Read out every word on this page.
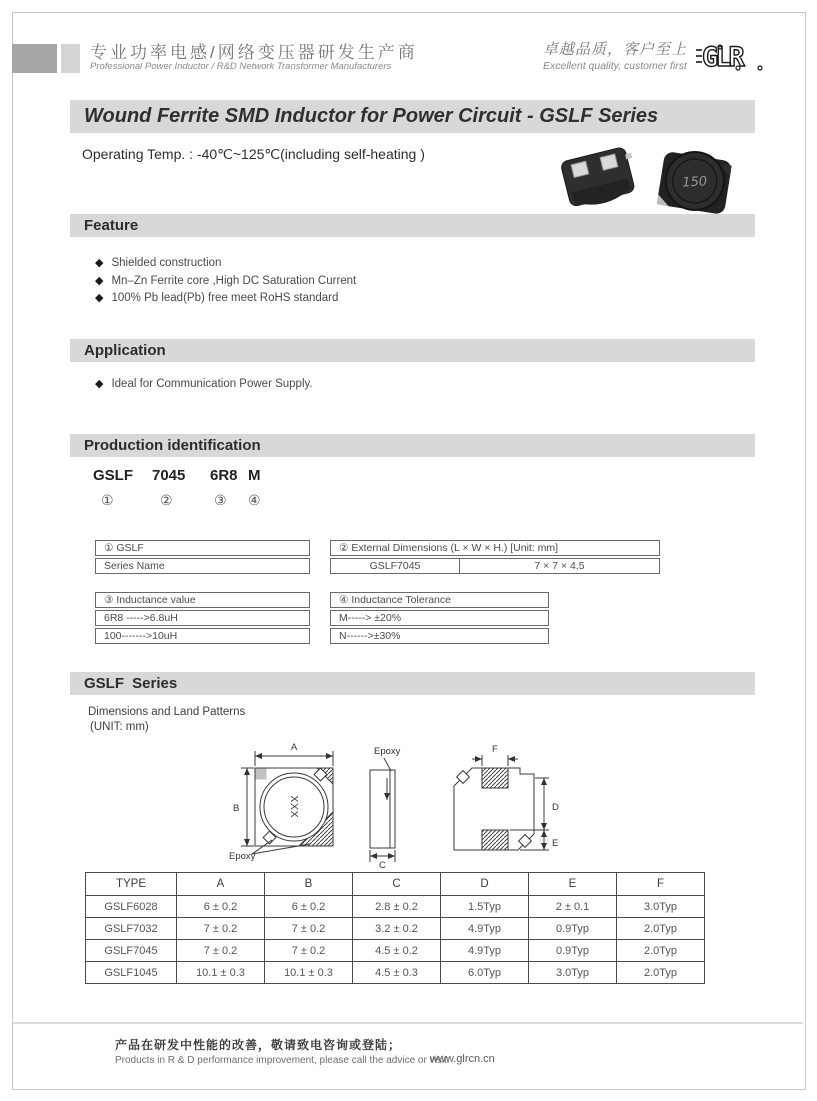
专业功率电感/网络变压器研发生产商
Professional Power Inductor / R&D Network Transformer Manufacturers
卓越品质，客户至上
Excellent quality, customer first GLR
Wound Ferrite SMD Inductor for Power Circuit - GSLF Series
Operating Temp. : -40℃~125℃(including self-heating )
150
Feature
◆ Shielded construction
◆ Mn–Zn Ferrite core ,High DC Saturation Current
◆ 100% Pb lead(Pb) free meet RoHS standard
Application
◆ Ideal for Communication Power Supply.
Production identification
GSLF 7045 6R8 M
①	②	③ ④
① GSLF
Series Name
② External Dimensions (L × W × H.) [Unit: mm]
GSLF7045	7 × 7 × 4.5
③ Inductance value
6R8 ----->6.8uH
100------->10uH
④ Inductance Tolerance
M-----> ±20%
N------>±30%
GSLF Series
Dimensions and Land Patterns
(UNIT: mm)
XXX
A
B
Epoxy
Epoxy
C
F
D
E
TYPE	A	B	C	D	E	F
GSLF6028	6 ± 0.2	6 ± 0.2	2.8 ± 0.2	1.5Typ	2 ± 0.1	3.0Typ
GSLF7032	7 ± 0.2	7 ± 0.2	3.2 ± 0.2	4.9Typ	0.9Typ	2.0Typ
GSLF7045	7 ± 0.2	7 ± 0.2	4.5 ± 0.2	4.9Typ	0.9Typ	2.0Typ
GSLF1045	10.1 ± 0.3	10.1 ± 0.3	4.5 ± 0.3	6.0Typ	3.0Typ	2.0Typ
产品在研发中性能的改善，敬请致电咨询或登陆；
Products in R & D performance improvement, please call the advice or visit:
www.glrcn.cn
